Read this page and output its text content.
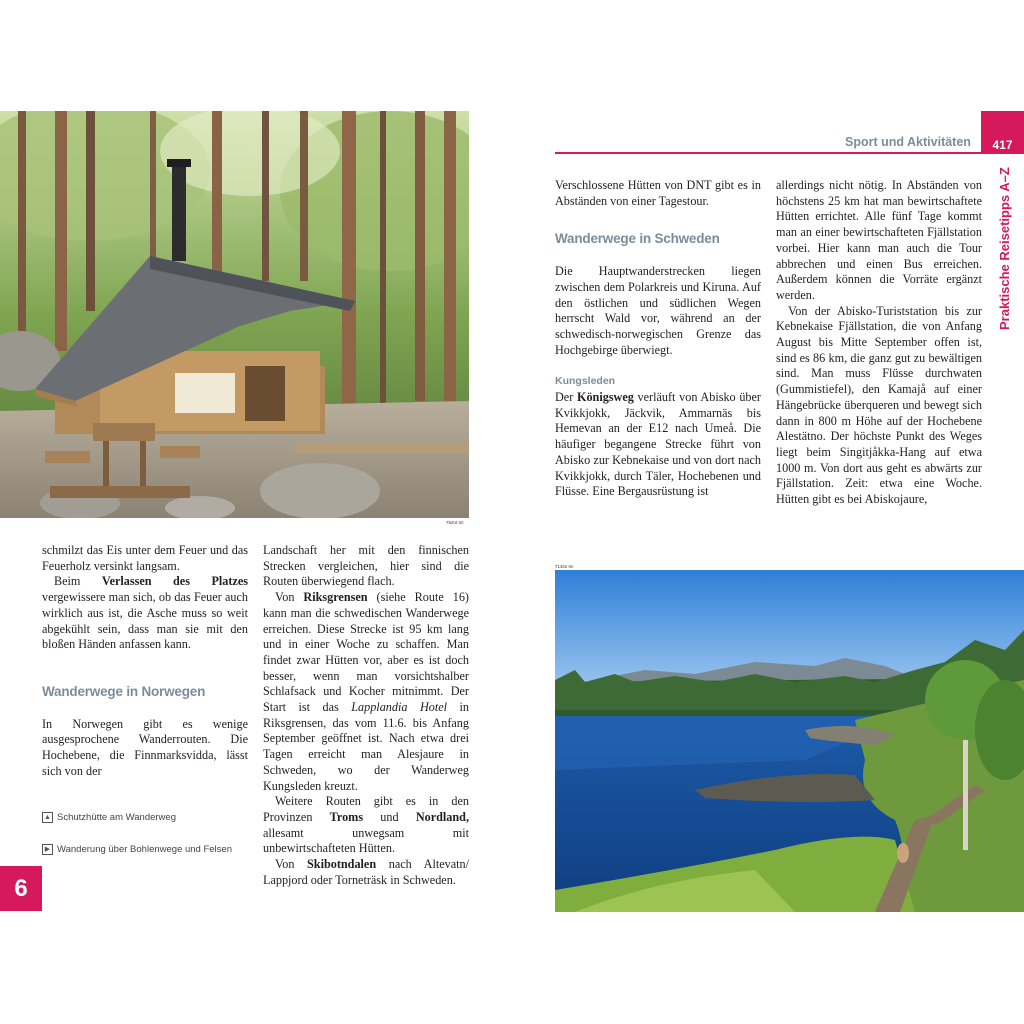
752nt tm

schmilzt das Eis unter dem Feuer und das Feuerholz versinkt langsam.

Beim Verlassen des Platzes vergewissere man sich, ob das Feuer auch wirklich aus ist, die Asche muss so weit abgekühlt sein, dass man sie mit den bloßen Händen anfassen kann.

Wanderwege in Norwegen

In Norwegen gibt es wenige ausgesprochene Wanderrouten. Die Hochebene, die Finnmarksvidda, lässt sich von der

▲ Schutzhütte am Wanderweg
▶ Wanderung über Bohlenwege und Felsen

Landschaft her mit den finnischen Strecken vergleichen, hier sind die Routen überwiegend flach.

Von Riksgrensen (siehe Route 16) kann man die schwedischen Wanderwege erreichen. Diese Strecke ist 95 km lang und in einer Woche zu schaffen. Man findet zwar Hütten vor, aber es ist doch besser, wenn man vorsichtshalber Schlafsack und Kocher mitnimmt. Der Start ist das Lapplandia Hotel in Riksgrensen, das vom 11.6. bis Anfang September geöffnet ist. Nach etwa drei Tagen erreicht man Alesjaure in Schweden, wo der Wanderweg Kungsleden kreuzt.

Weitere Routen gibt es in den Provinzen Troms und Nordland, allesamt unwegsam mit unbewirtschafteten Hütten.

Von Skibotndalen nach Altevatn/ Lappjord oder Torneträsk in Schweden.

6
Sport und Aktivitäten 417
Praktische Reisetipps A–Z

Verschlossene Hütten von DNT gibt es in Abständen von einer Tagestour.

Wanderwege in Schweden

Die Hauptwanderstrecken liegen zwischen dem Polarkreis und Kiruna. Auf den östlichen und südlichen Wegen herrscht Wald vor, während an der schwedisch-norwegischen Grenze das Hochgebirge überwiegt.

Kungsleden

Der Königsweg verläuft von Abisko über Kvikkjokk, Jäckvik, Ammarnäs bis Hemevan an der E12 nach Umeå. Die häufiger begangene Strecke führt von Abisko zur Kebnekaise und von dort nach Kvikkjokk, durch Täler, Hochebenen und Flüsse. Eine Bergausrüstung ist

allerdings nicht nötig. In Abständen von höchstens 25 km hat man bewirtschaftete Hütten errichtet. Alle fünf Tage kommt man an einer bewirtschafteten Fjällstation vorbei. Hier kann man auch die Tour abbrechen und einen Bus erreichen. Außerdem können die Vorräte ergänzt werden.

Von der Abisko-Turiststation bis zur Kebnekaise Fjällstation, die von Anfang August bis Mitte September offen ist, sind es 86 km, die ganz gut zu bewältigen sind. Man muss Flüsse durchwaten (Gummistiefel), den Kamajå auf einer Hängebrücke überqueren und bewegt sich dann in 800 m Höhe auf der Hochebene Alestätno. Der höchste Punkt des Weges liegt beim Singitjåkka-Hang auf etwa 1000 m. Von dort aus geht es abwärts zur Fjällstation. Zeit: etwa eine Woche. Hütten gibt es bei Abiskojaure,

713sn tm
